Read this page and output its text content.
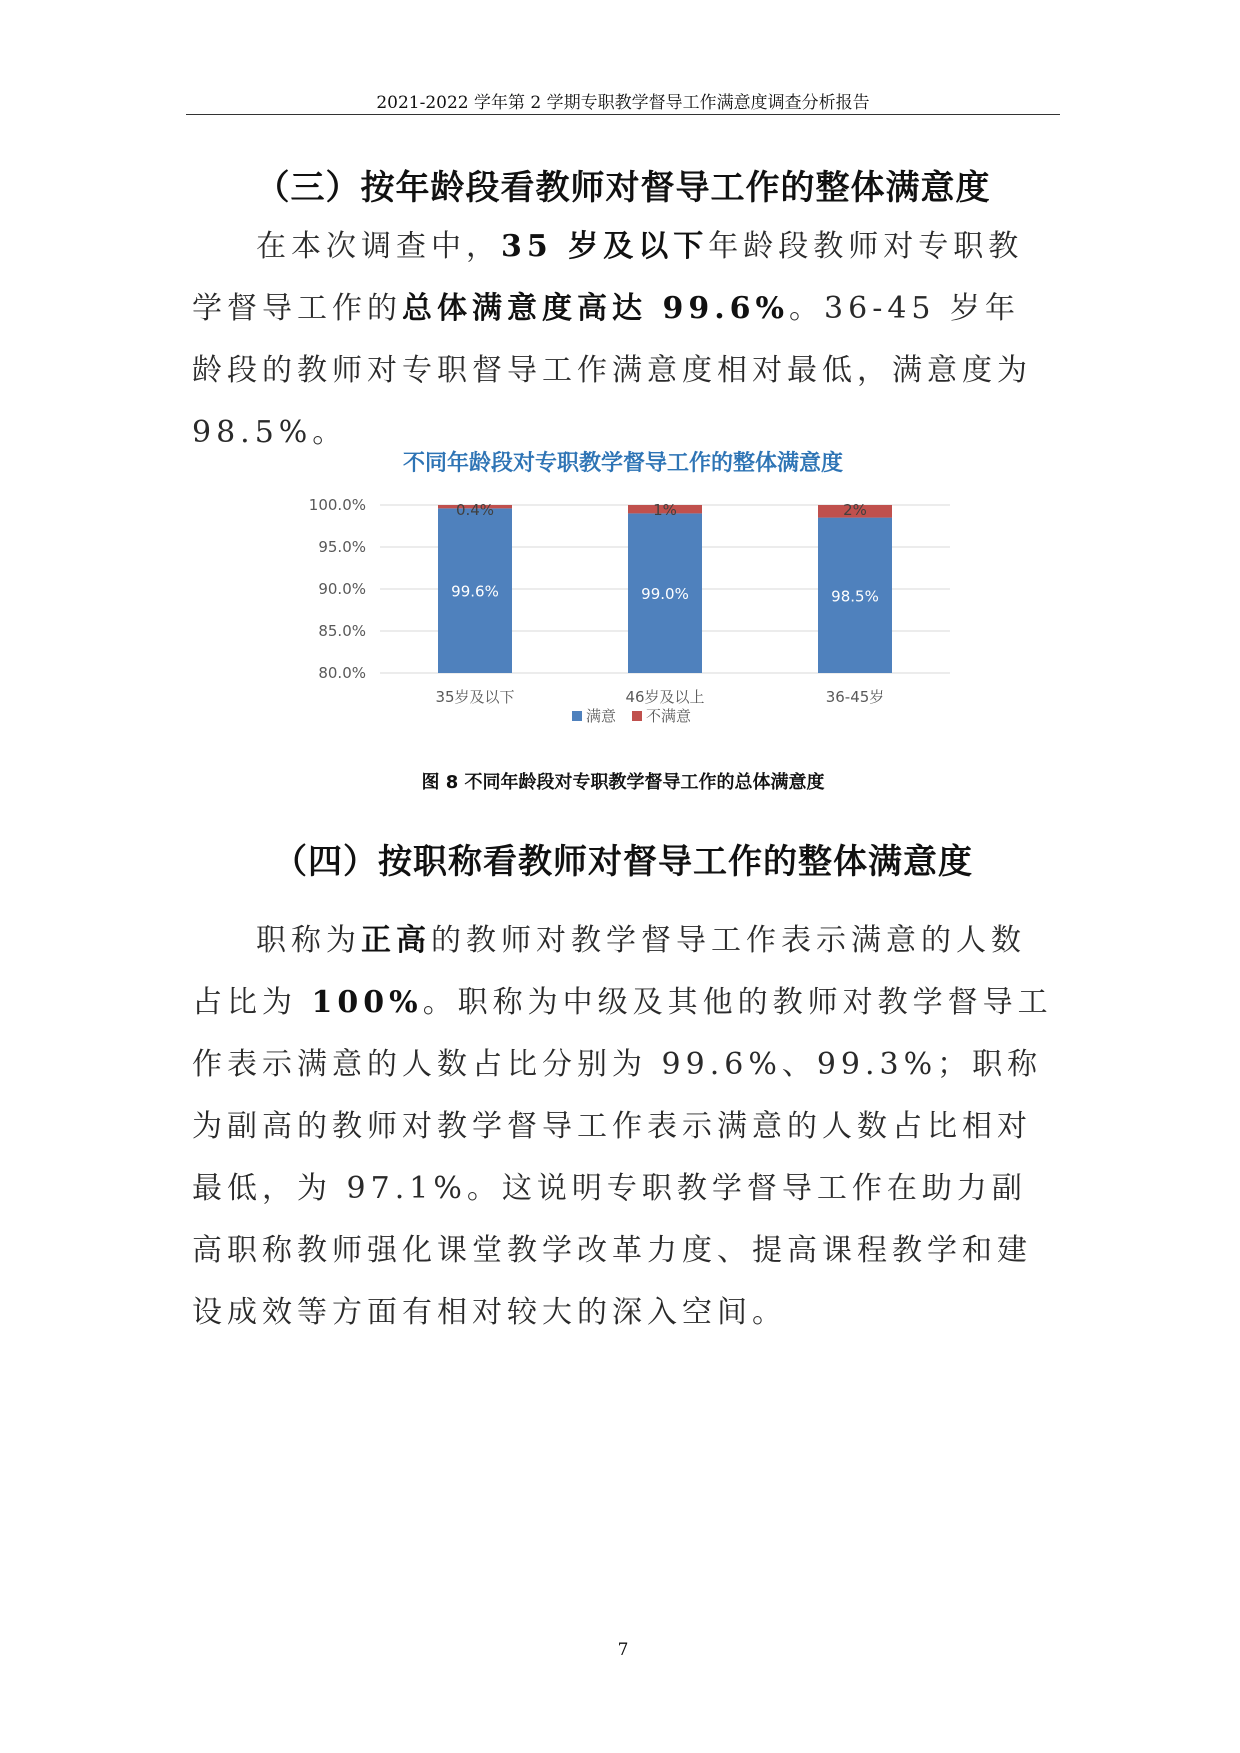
2021-2022 学年第 2 学期专职教学督导工作满意度调查分析报告
（三）按年龄段看教师对督导工作的整体满意度

在本次调查中，35 岁及以下年龄段教师对专职教学督导工作的总体满意度高达 99.6%。36-45 岁年龄段的教师对专职督导工作满意度相对最低，满意度为 98.5%。

不同年龄段对专职教学督导工作的整体满意度
80.0%
85.0%
90.0%
95.0%
100.0%
99.6%
0.4%
99.0%
1%
98.5%
2%
35岁及以下	46岁及以上	36-45岁
满意 不满意
图 8 不同年龄段对专职教学督导工作的总体满意度
（四）按职称看教师对督导工作的整体满意度

职称为正高的教师对教学督导工作表示满意的人数占比为 100%。职称为中级及其他的教师对教学督导工作表示满意的人数占比分别为 99.6%、99.3%；职称为副高的教师对教学督导工作表示满意的人数占比相对最低，为 97.1%。这说明专职教学督导工作在助力副高职称教师强化课堂教学改革力度、提高课程教学和建设成效等方面有相对较大的深入空间。

7
